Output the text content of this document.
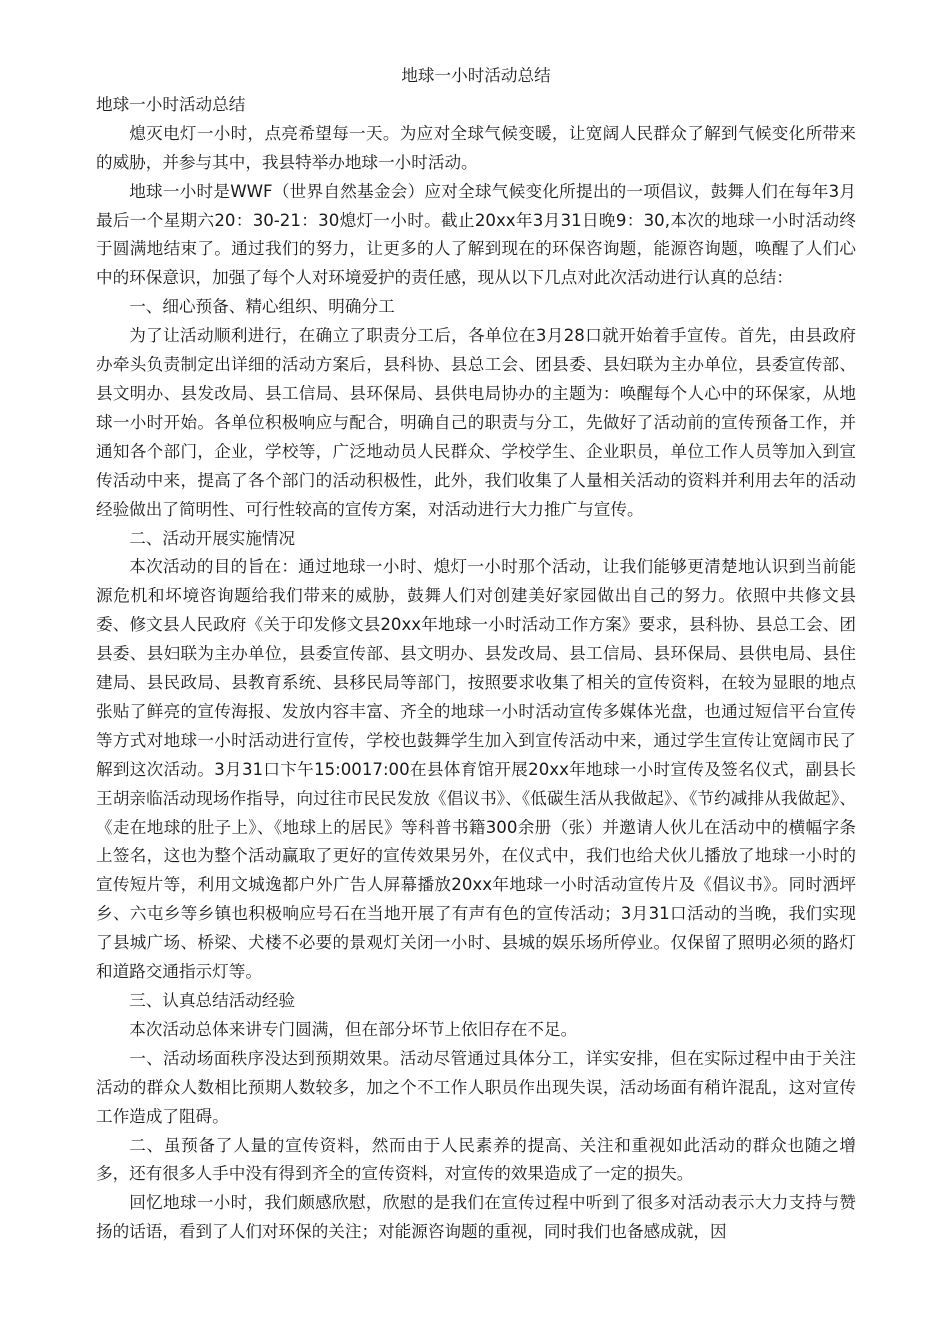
地球一小时活动总结

地球一小时活动总结

熄灭电灯一小时，点亮希望每一天。为应对全球气候变暖，让宽阔人民群众了解到气候变化所带来的威胁，并参与其中，我县特举办地球一小时活动。

地球一小时是WWF（世界自然基金会）应对全球气候变化所提出的一项倡议，鼓舞人们在每年3月最后一个星期六20：30-21：30熄灯一小时。截止20xx年3月31日晚9：30,本次的地球一小时活动终于圆满地结束了。通过我们的努力，让更多的人了解到现在的环保咨询题，能源咨询题，唤醒了人们心中的环保意识，加强了每个人对环境爱护的责任感，现从以下几点对此次活动进行认真的总结：

一、细心预备、精心组织、明确分工

为了让活动顺利进行，在确立了职责分工后，各单位在3月28口就开始着手宣传。首先，由县政府办牵头负责制定出详细的活动方案后，县科协、县总工会、团县委、县妇联为主办单位，县委宣传部、县文明办、县发改局、县工信局、县环保局、县供电局协办的主题为：唤醒每个人心中的环保家，从地球一小时开始。各单位积极响应与配合，明确自己的职责与分工，先做好了活动前的宣传预备工作，并通知各个部门，企业，学校等，广泛地动员人民群众、学校学生、企业职员，单位工作人员等加入到宣传活动中来，提高了各个部门的活动积极性，此外，我们收集了人量相关活动的资料并利用去年的活动经验做出了简明性、可行性较高的宣传方案，对活动进行大力推广与宣传。

二、活动开展实施情况

本次活动的目的旨在：通过地球一小时、熄灯一小时那个活动，让我们能够更清楚地认识到当前能源危机和坏境咨询题给我们带来的威胁，鼓舞人们对创建美好家园做出自己的努力。依照中共修文县委、修文县人民政府《关于印发修文县20xx年地球一小时活动工作方案》要求，县科协、县总工会、团县委、县妇联为主办单位，县委宣传部、县文明办、县发改局、县工信局、县环保局、县供电局、县住建局、县民政局、县教育系统、县移民局等部门，按照要求收集了相关的宣传资料，在较为显眼的地点张贴了鲜亮的宣传海报、发放内容丰富、齐全的地球一小时活动宣传多媒体光盘，也通过短信平台宣传等方式对地球一小时活动进行宣传，学校也鼓舞学生加入到宣传活动中来，通过学生宣传让宽阔市民了解到这次活动。3月31口卞午15:0017:00在县体育馆开展20xx年地球一小时宣传及签名仪式，副县长王胡亲临活动现场作指导，向过往市民民发放《倡议书》、《低碳生活从我做起》、《节约减排从我做起》、《走在地球的肚子上》、《地球上的居民》等科普书籍300余册（张）并邀请人伙儿在活动中的横幅字条上签名，这也为整个活动赢取了更好的宣传效果另外，在仪式中，我们也给犬伙儿播放了地球一小时的宣传短片等，利用文城逸都户外广告人屏幕播放20xx年地球一小时活动宣传片及《倡议书》。同时洒坪乡、六屯乡等乡镇也积极响应号石在当地开展了有声有色的宣传活动；3月31口活动的当晚，我们实现了县城广场、桥梁、犬楼不必要的景观灯关闭一小时、县城的娱乐场所停业。仅保留了照明必须的路灯和道路交通指示灯等。

三、认真总结活动经验

本次活动总体来讲专门圆满，但在部分坏节上依旧存在不足。

一、活动场面秩序没达到预期效果。活动尽管通过具体分工，详实安排，但在实际过程中由于关注活动的群众人数相比预期人数较多，加之个不工作人职员作出现失误，活动场面有稍许混乱，这对宣传工作造成了阻碍。

二、虽预备了人量的宣传资料，然而由于人民素养的提高、关注和重视如此活动的群众也随之增多，还有很多人手中没有得到齐全的宣传资料，对宣传的效果造成了一定的损失。

回忆地球一小时，我们颇感欣慰，欣慰的是我们在宣传过程中听到了很多对活动表示大力支持与赞扬的话语，看到了人们对环保的关注；对能源咨询题的重视，同时我们也备感成就，因
